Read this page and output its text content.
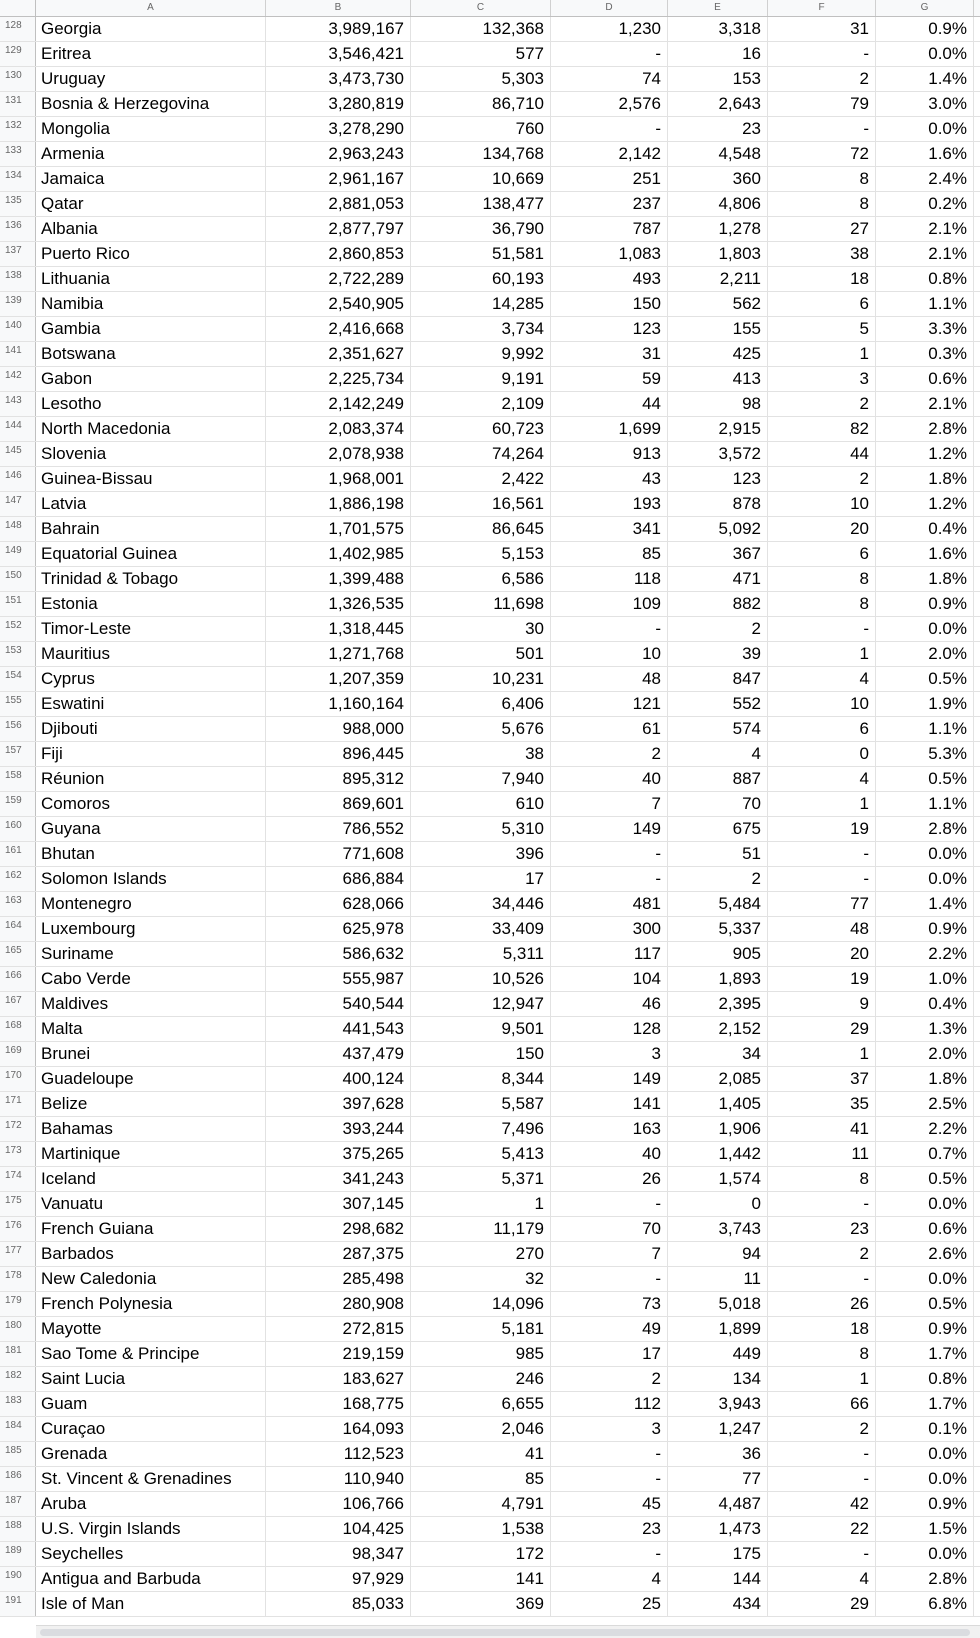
A	B	C	D	E	F	G
128	Georgia	3,989,167	132,368	1,230	3,318	31	0.9%
129	Eritrea	3,546,421	577	-	16	-	0.0%
130	Uruguay	3,473,730	5,303	74	153	2	1.4%
131	Bosnia & Herzegovina	3,280,819	86,710	2,576	2,643	79	3.0%
132	Mongolia	3,278,290	760	-	23	-	0.0%
133	Armenia	2,963,243	134,768	2,142	4,548	72	1.6%
134	Jamaica	2,961,167	10,669	251	360	8	2.4%
135	Qatar	2,881,053	138,477	237	4,806	8	0.2%
136	Albania	2,877,797	36,790	787	1,278	27	2.1%
137	Puerto Rico	2,860,853	51,581	1,083	1,803	38	2.1%
138	Lithuania	2,722,289	60,193	493	2,211	18	0.8%
139	Namibia	2,540,905	14,285	150	562	6	1.1%
140	Gambia	2,416,668	3,734	123	155	5	3.3%
141	Botswana	2,351,627	9,992	31	425	1	0.3%
142	Gabon	2,225,734	9,191	59	413	3	0.6%
143	Lesotho	2,142,249	2,109	44	98	2	2.1%
144	North Macedonia	2,083,374	60,723	1,699	2,915	82	2.8%
145	Slovenia	2,078,938	74,264	913	3,572	44	1.2%
146	Guinea-Bissau	1,968,001	2,422	43	123	2	1.8%
147	Latvia	1,886,198	16,561	193	878	10	1.2%
148	Bahrain	1,701,575	86,645	341	5,092	20	0.4%
149	Equatorial Guinea	1,402,985	5,153	85	367	6	1.6%
150	Trinidad & Tobago	1,399,488	6,586	118	471	8	1.8%
151	Estonia	1,326,535	11,698	109	882	8	0.9%
152	Timor-Leste	1,318,445	30	-	2	-	0.0%
153	Mauritius	1,271,768	501	10	39	1	2.0%
154	Cyprus	1,207,359	10,231	48	847	4	0.5%
155	Eswatini	1,160,164	6,406	121	552	10	1.9%
156	Djibouti	988,000	5,676	61	574	6	1.1%
157	Fiji	896,445	38	2	4	0	5.3%
158	Réunion	895,312	7,940	40	887	4	0.5%
159	Comoros	869,601	610	7	70	1	1.1%
160	Guyana	786,552	5,310	149	675	19	2.8%
161	Bhutan	771,608	396	-	51	-	0.0%
162	Solomon Islands	686,884	17	-	2	-	0.0%
163	Montenegro	628,066	34,446	481	5,484	77	1.4%
164	Luxembourg	625,978	33,409	300	5,337	48	0.9%
165	Suriname	586,632	5,311	117	905	20	2.2%
166	Cabo Verde	555,987	10,526	104	1,893	19	1.0%
167	Maldives	540,544	12,947	46	2,395	9	0.4%
168	Malta	441,543	9,501	128	2,152	29	1.3%
169	Brunei	437,479	150	3	34	1	2.0%
170	Guadeloupe	400,124	8,344	149	2,085	37	1.8%
171	Belize	397,628	5,587	141	1,405	35	2.5%
172	Bahamas	393,244	7,496	163	1,906	41	2.2%
173	Martinique	375,265	5,413	40	1,442	11	0.7%
174	Iceland	341,243	5,371	26	1,574	8	0.5%
175	Vanuatu	307,145	1	-	0	-	0.0%
176	French Guiana	298,682	11,179	70	3,743	23	0.6%
177	Barbados	287,375	270	7	94	2	2.6%
178	New Caledonia	285,498	32	-	11	-	0.0%
179	French Polynesia	280,908	14,096	73	5,018	26	0.5%
180	Mayotte	272,815	5,181	49	1,899	18	0.9%
181	Sao Tome & Principe	219,159	985	17	449	8	1.7%
182	Saint Lucia	183,627	246	2	134	1	0.8%
183	Guam	168,775	6,655	112	3,943	66	1.7%
184	Curaçao	164,093	2,046	3	1,247	2	0.1%
185	Grenada	112,523	41	-	36	-	0.0%
186	St. Vincent & Grenadines	110,940	85	-	77	-	0.0%
187	Aruba	106,766	4,791	45	4,487	42	0.9%
188	U.S. Virgin Islands	104,425	1,538	23	1,473	22	1.5%
189	Seychelles	98,347	172	-	175	-	0.0%
190	Antigua and Barbuda	97,929	141	4	144	4	2.8%
191	Isle of Man	85,033	369	25	434	29	6.8%
